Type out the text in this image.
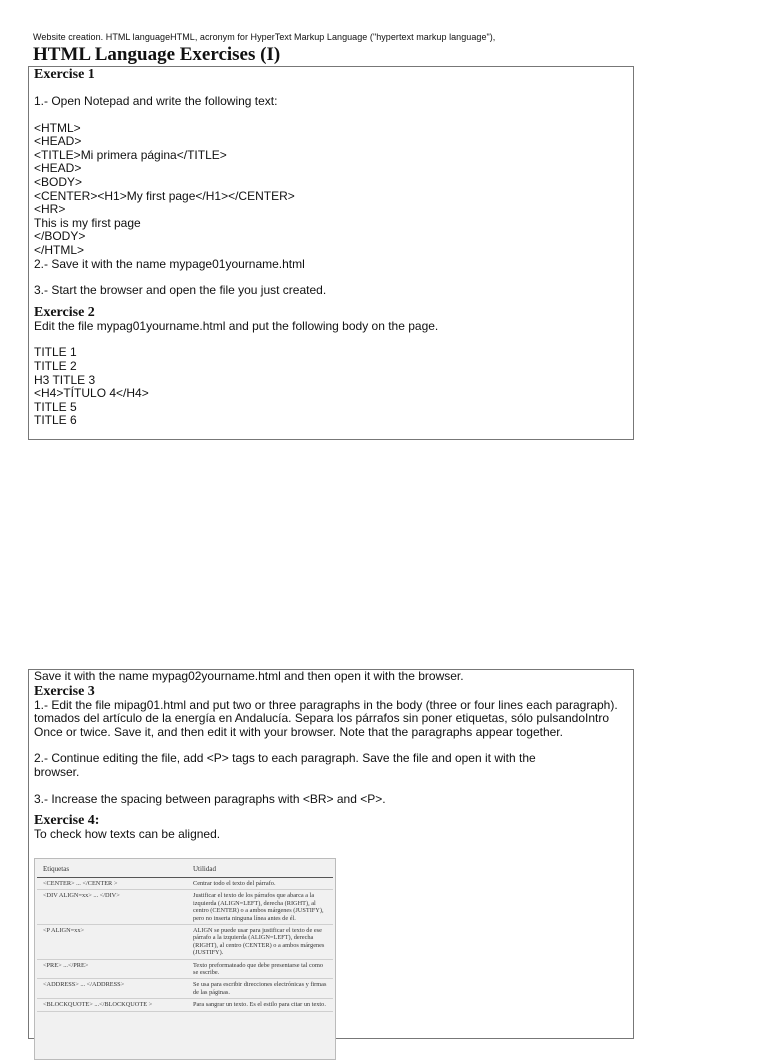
Website creation. HTML languageHTML, acronym for HyperText Markup Language ("hypertext markup language"),
HTML Language Exercises (I)
Exercise 1
1.- Open Notepad and write the following text:
<HTML>
<HEAD>
<TITLE>Mi primera página</TITLE>
<HEAD>
<BODY>
<CENTER><H1>My first page</H1></CENTER>
<HR>
This is my first page
</BODY>
</HTML>
2.- Save it with the name mypage01yourname.html
3.- Start the browser and open the file you just created.
Exercise 2
Edit the file mypag01yourname.html and put the following body on the page.
TITLE 1
TITLE 2
H3 TITLE 3
<H4>TÍTULO 4</H4>
TITLE 5
TITLE 6
Save it with the name mypag02yourname.html and then open it with the browser.
Exercise 3
1.- Edit the file mipag01.html and put two or three paragraphs in the body (three or four lines each paragraph).
tomados del artículo de la energía en Andalucía. Separa los párrafos sin poner etiquetas, sólo pulsandoIntro
Once or twice. Save it, and then edit it with your browser. Note that the paragraphs appear together.
2.- Continue editing the file, add <P> tags to each paragraph. Save the file and open it with the
browser.
3.- Increase the spacing between paragraphs with <BR> and <P>.
Exercise 4:
To check how texts can be aligned.
Etiquetas	Utilidad
<CENTER> ... </CENTER >	Centrar todo el texto del párrafo.
<DIV ALIGN=xx> ... </DIV>	Justificar el texto de los párrafos que abarca a la izquierda (ALIGN=LEFT), derecha (RIGHT), al centro (CENTER) o a ambos márgenes (JUSTIFY), pero no inserta ninguna línea antes de él.
<P ALIGN=xx>	ALIGN se puede usar para justificar el texto de ese párrafo a la izquierda (ALIGN=LEFT), derecha (RIGHT), al centro (CENTER) o a ambos márgenes (JUSTIFY).
<PRE> ...</PRE>	Texto preformateado que debe presentarse tal como se escribe.
<ADDRESS> ... </ADDRESS>	Se usa para escribir direcciones electrónicas y firmas de las páginas.
<BLOCKQUOTE> ...</BLOCKQUOTE >	Para sangrar un texto. Es el estilo para citar un texto.
